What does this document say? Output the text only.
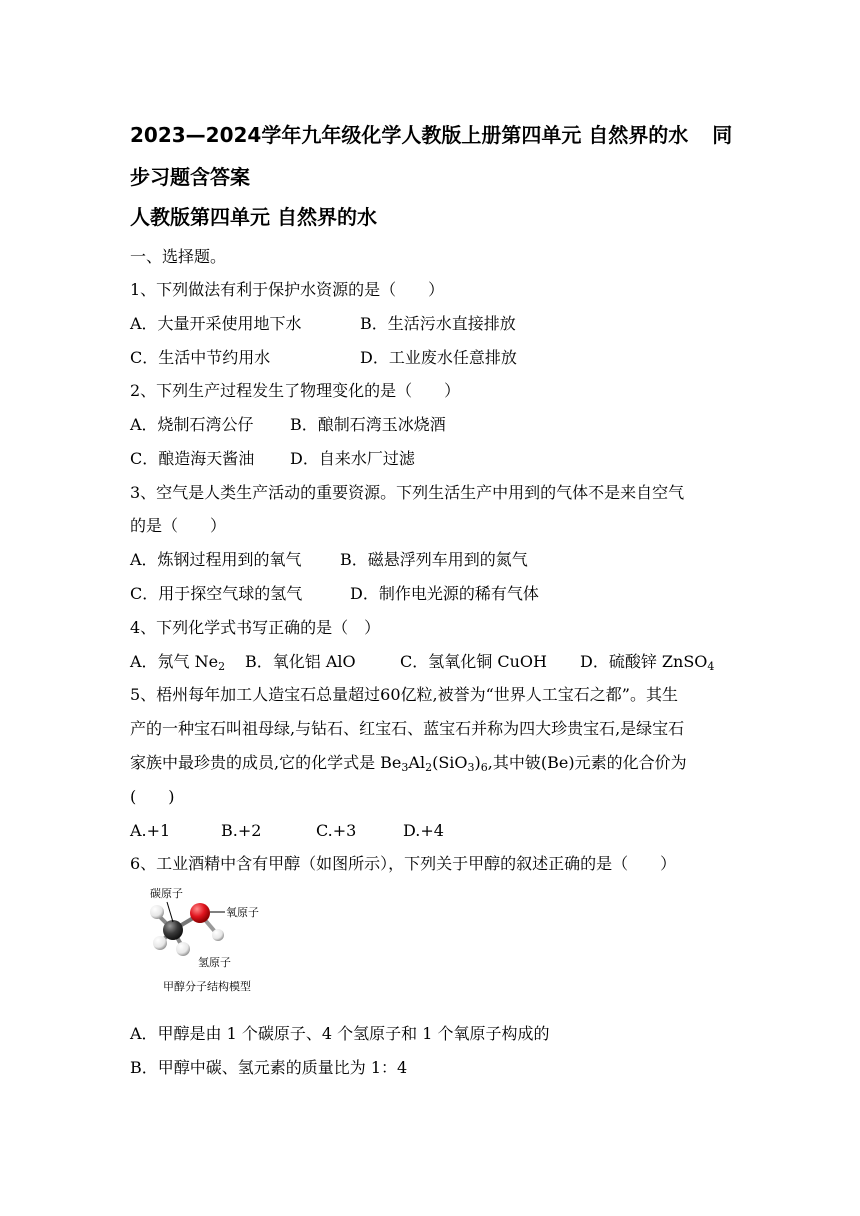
2023—2024学年九年级化学人教版上册第四单元 自然界的水 同
步习题含答案
人教版第四单元 自然界的水

一、选择题。

1、下列做法有利于保护水资源的是（　　）

A．大量开采使用地下水	B．生活污水直接排放

C．生活中节约用水	D．工业废水任意排放

2、下列生产过程发生了物理变化的是（　　）

A．烧制石湾公仔 B．酿制石湾玉冰烧酒

C．酿造海天酱油 D．自来水厂过滤

3、空气是人类生产活动的重要资源。下列生活生产中用到的气体不是来自空气

的是（　　）

A．炼钢过程用到的氧气 B．磁悬浮列车用到的氮气

C．用于探空气球的氢气	D．制作电光源的稀有气体

4、下列化学式书写正确的是（　）

A．氖气 $Ne_2$ B．氧化铝 AlO	C．氢氧化铜 CuOH D．硫酸锌 ZnSO$_4$

5、梧州每年加工人造宝石总量超过60亿粒,被誉为“世界人工宝石之都”。其生

产的一种宝石叫祖母绿,与钻石、红宝石、蓝宝石并称为四大珍贵宝石,是绿宝石

家族中最珍贵的成员,它的化学式是 $Be_3Al_2(SiO_3)_6$,其中铍(Be)元素的化合价为

(　　)

A.+1	B.+2	C.+3	D.+4

6、工业酒精中含有甲醇（如图所示），下列关于甲醇的叙述正确的是（　　）

碳原子
氧原子
氢原子
甲醇分子结构模型

A．甲醇是由 1 个碳原子、4 个氢原子和 1 个氧原子构成的

B．甲醇中碳、氢元素的质量比为 1：4
